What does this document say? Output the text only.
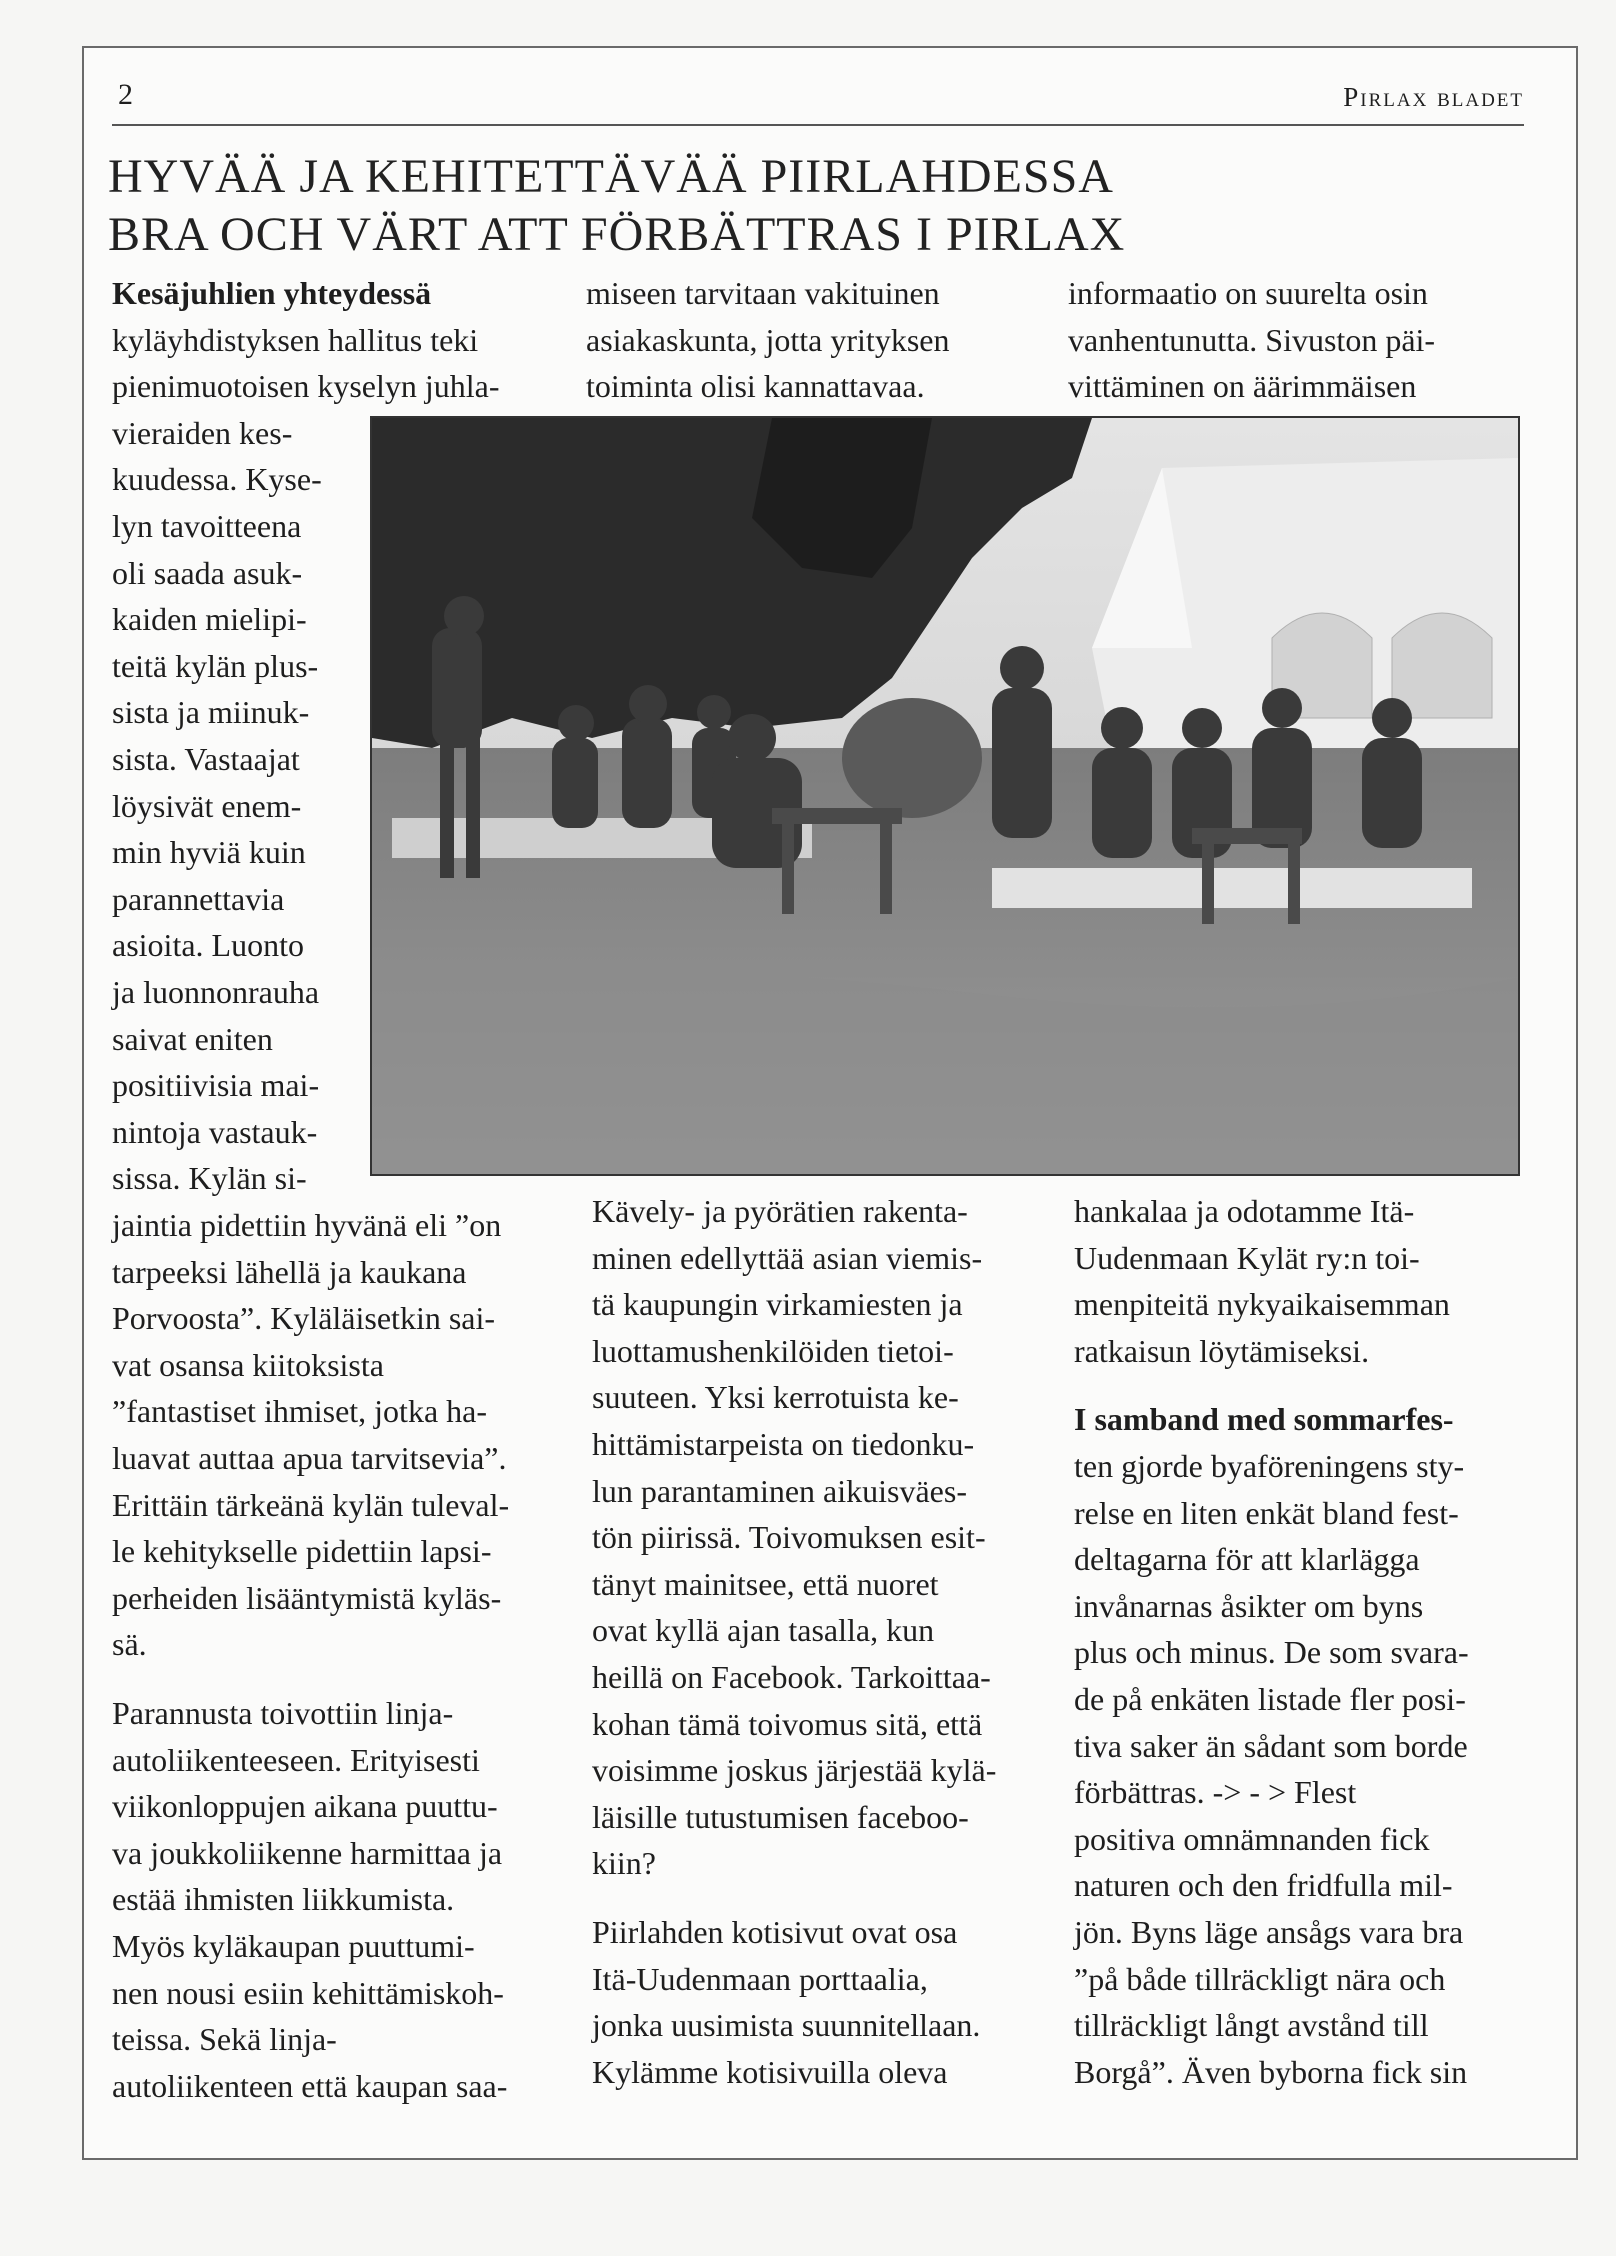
2	Pirlax bladet
HYVÄÄ JA KEHITETTÄVÄÄ PIIRLAHDESSA
BRA OCH VÄRT ATT FÖRBÄTTRAS I PIRLAX
Kesäjuhlien yhteydessä
kyläyhdistyksen hallitus teki
pienimuotoisen kyselyn juhla-
vieraiden kes-
kuudessa. Kyse-
lyn tavoitteena
oli saada asuk-
kaiden mielipi-
teitä kylän plus-
sista ja miinuk-
sista. Vastaajat
löysivät enem-
min hyviä kuin
parannettavia
asioita. Luonto
ja luonnonrauha
saivat eniten
positiivisia mai-
nintoja vastauk-
sissa. Kylän si-
jaintia pidettiin hyvänä eli ”on
tarpeeksi lähellä ja kaukana
Porvoosta”. Kyläläisetkin sai-
vat osansa kiitoksista
”fantastiset ihmiset, jotka ha-
luavat auttaa apua tarvitsevia”.
Erittäin tärkeänä kylän tuleval-
le kehitykselle pidettiin lapsi-
perheiden lisääntymistä kyläs-
sä.
Parannusta toivottiin linja-
autoliikenteeseen. Erityisesti
viikonloppujen aikana puuttu-
va joukkoliikenne harmittaa ja
estää ihmisten liikkumista.
Myös kyläkaupan puuttumi-
nen nousi esiin kehittämiskoh-
teissa. Sekä linja-
autoliikenteen että kaupan saa-
miseen tarvitaan vakituinen
asiakaskunta, jotta yrityksen
toiminta olisi kannattavaa.
Kävely- ja pyörätien rakenta-
minen edellyttää asian viemis-
tä kaupungin virkamiesten ja
luottamushenkilöiden tietoi-
suuteen. Yksi kerrotuista ke-
hittämistarpeista on tiedonku-
lun parantaminen aikuisväes-
tön piirissä. Toivomuksen esit-
tänyt mainitsee, että nuoret
ovat kyllä ajan tasalla, kun
heillä on Facebook. Tarkoittaa-
kohan tämä toivomus sitä, että
voisimme joskus järjestää kylä-
läisille tutustumisen faceboo-
kiin?
Piirlahden kotisivut ovat osa
Itä-Uudenmaan porttaalia,
jonka uusimista suunnitellaan.
Kylämme kotisivuilla oleva
informaatio on suurelta osin
vanhentunutta. Sivuston päi-
vittäminen on äärimmäisen
hankalaa ja odotamme Itä-
Uudenmaan Kylät ry:n toi-
menpiteitä nykyaikaisemman
ratkaisun löytämiseksi.
I samband med sommarfes-
ten gjorde byaföreningens sty-
relse en liten enkät bland fest-
deltagarna för att klarlägga
invånarnas åsikter om byns
plus och minus. De som svara-
de på enkäten listade fler posi-
tiva saker än sådant som borde
förbättras. -> - > Flest
positiva omnämnanden fick
naturen och den fridfulla mil-
jön. Byns läge ansågs vara bra
”på både tillräckligt nära och
tillräckligt långt avstånd till
Borgå”. Även byborna fick sin
